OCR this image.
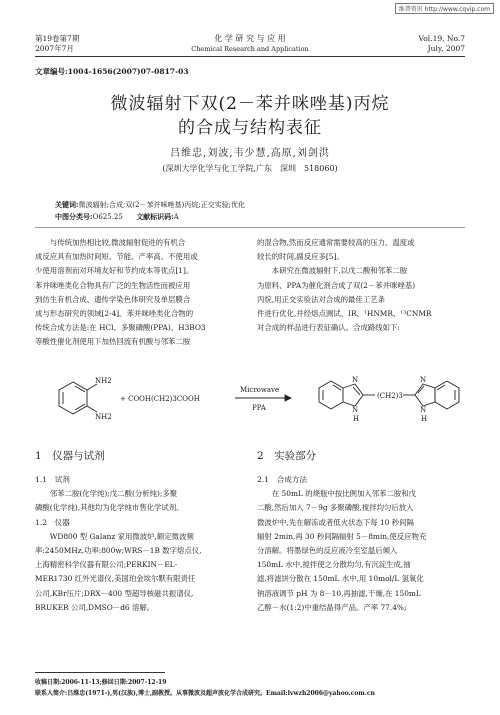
维普资讯 http://www.cqvip.com
第19卷第7期
2007年7月
化 学 研 究 与 应 用
Chemical Research and Application
Vol.19, No.7
July, 2007
文章编号:1004-1656(2007)07-0817-03
微波辐射下双(2－苯并咪唑基)丙烷
的合成与结构表征
吕维忠,刘波,韦少慧,高原,刘剑洪
(深圳大学化学与化工学院,广东　深圳　518060)
关键词:微波辐射;合成;双(2－苯并咪唑基)丙烷;正交实验;优化
中图分类号:O625.25 文献标识码:A
与传统加热相比较,微波辐射促进的有机合
成反应具有加热时间短、节能、产率高、不使用或
少使用溶剂而对环境友好和节约成本等优点[1]。
苯并咪唑类化合物具有广泛的生物活性而被应用
到仿生有机合成、遗传学染色体研究及单层膜合
成与形态研究的领域[2-4]。苯并咪唑类化合物的
传统合成方法是:在 HCl、多聚磷酸(PPA)、H3BO3
等酸性催化剂使用下加热回流有机酸与邻苯二胺
的混合物,然而反应通常需要较高的压力、温度或
较长的时间,副反应多[5]。
本研究在微波辐射下,以戊二酸和邻苯二胺
为原料、PPA为催化剂合成了双(2－苯并咪唑基)
丙烷,用正交实验法对合成的最佳工艺条
件进行优化,并经熔点测试、IR、¹HNMR、¹³CNMR
对合成的样品进行表征确认。合成路线如下:
NH2
NH2
+ COOH(CH2)3COOH
Microwave
PPA
N
N
H
(CH2)3
N
N
H
1　仪器与试剂
1.1　试剂
邻苯二胺(化学纯);戊二酸(分析纯);多聚
磷酸(化学纯),其他均为化学纯市售化学试剂。
1.2　仪器
WD800 型 Galanz 家用微波炉,额定微波频
率:2450MHz,功率:800w;WRS－1B 数字熔点仪,
上海精密科学仪器有限公司;PERKIN－EL-
MER1730 红外光谱仪,美国珀金埃尔默有限责任
公司,KBr压片;DRX－400 型超导核磁共振谱仪,
BRUKER 公司,DMSO－d6 溶解。
2　实验部分
2.1　合成方法
在 50mL 的烧瓶中按比例加入邻苯二胺和戊
二酸,然后加入 7－9g 多聚磷酸,搅拌均匀后放入
微波炉中,先在解冻或者低火状态下每 10 秒间隔
辐射 2min,再 30 秒间隔辐射 5－8min,使反应物充
分溶解。将墨绿色的反应液冷至室温后倾入
150mL 水中,搅拌使之分散均匀,有沉淀生成,抽
滤,将滤饼分散在 150mL 水中,用 10mol/L 氢氧化
钠溶液调节 pH 为 8－10,再抽滤,干燥,在 150mL
乙醇－水(1:2)中重结晶得产品。产率 77.4%;
收稿日期:2006-11-13;修回日期:2007-12-19
联系人简介:吕维忠(1971-),男(汉族),博士,副教授。从事微波及超声波化学合成研究。Email:lvwzh2006@yahoo.com.cn
